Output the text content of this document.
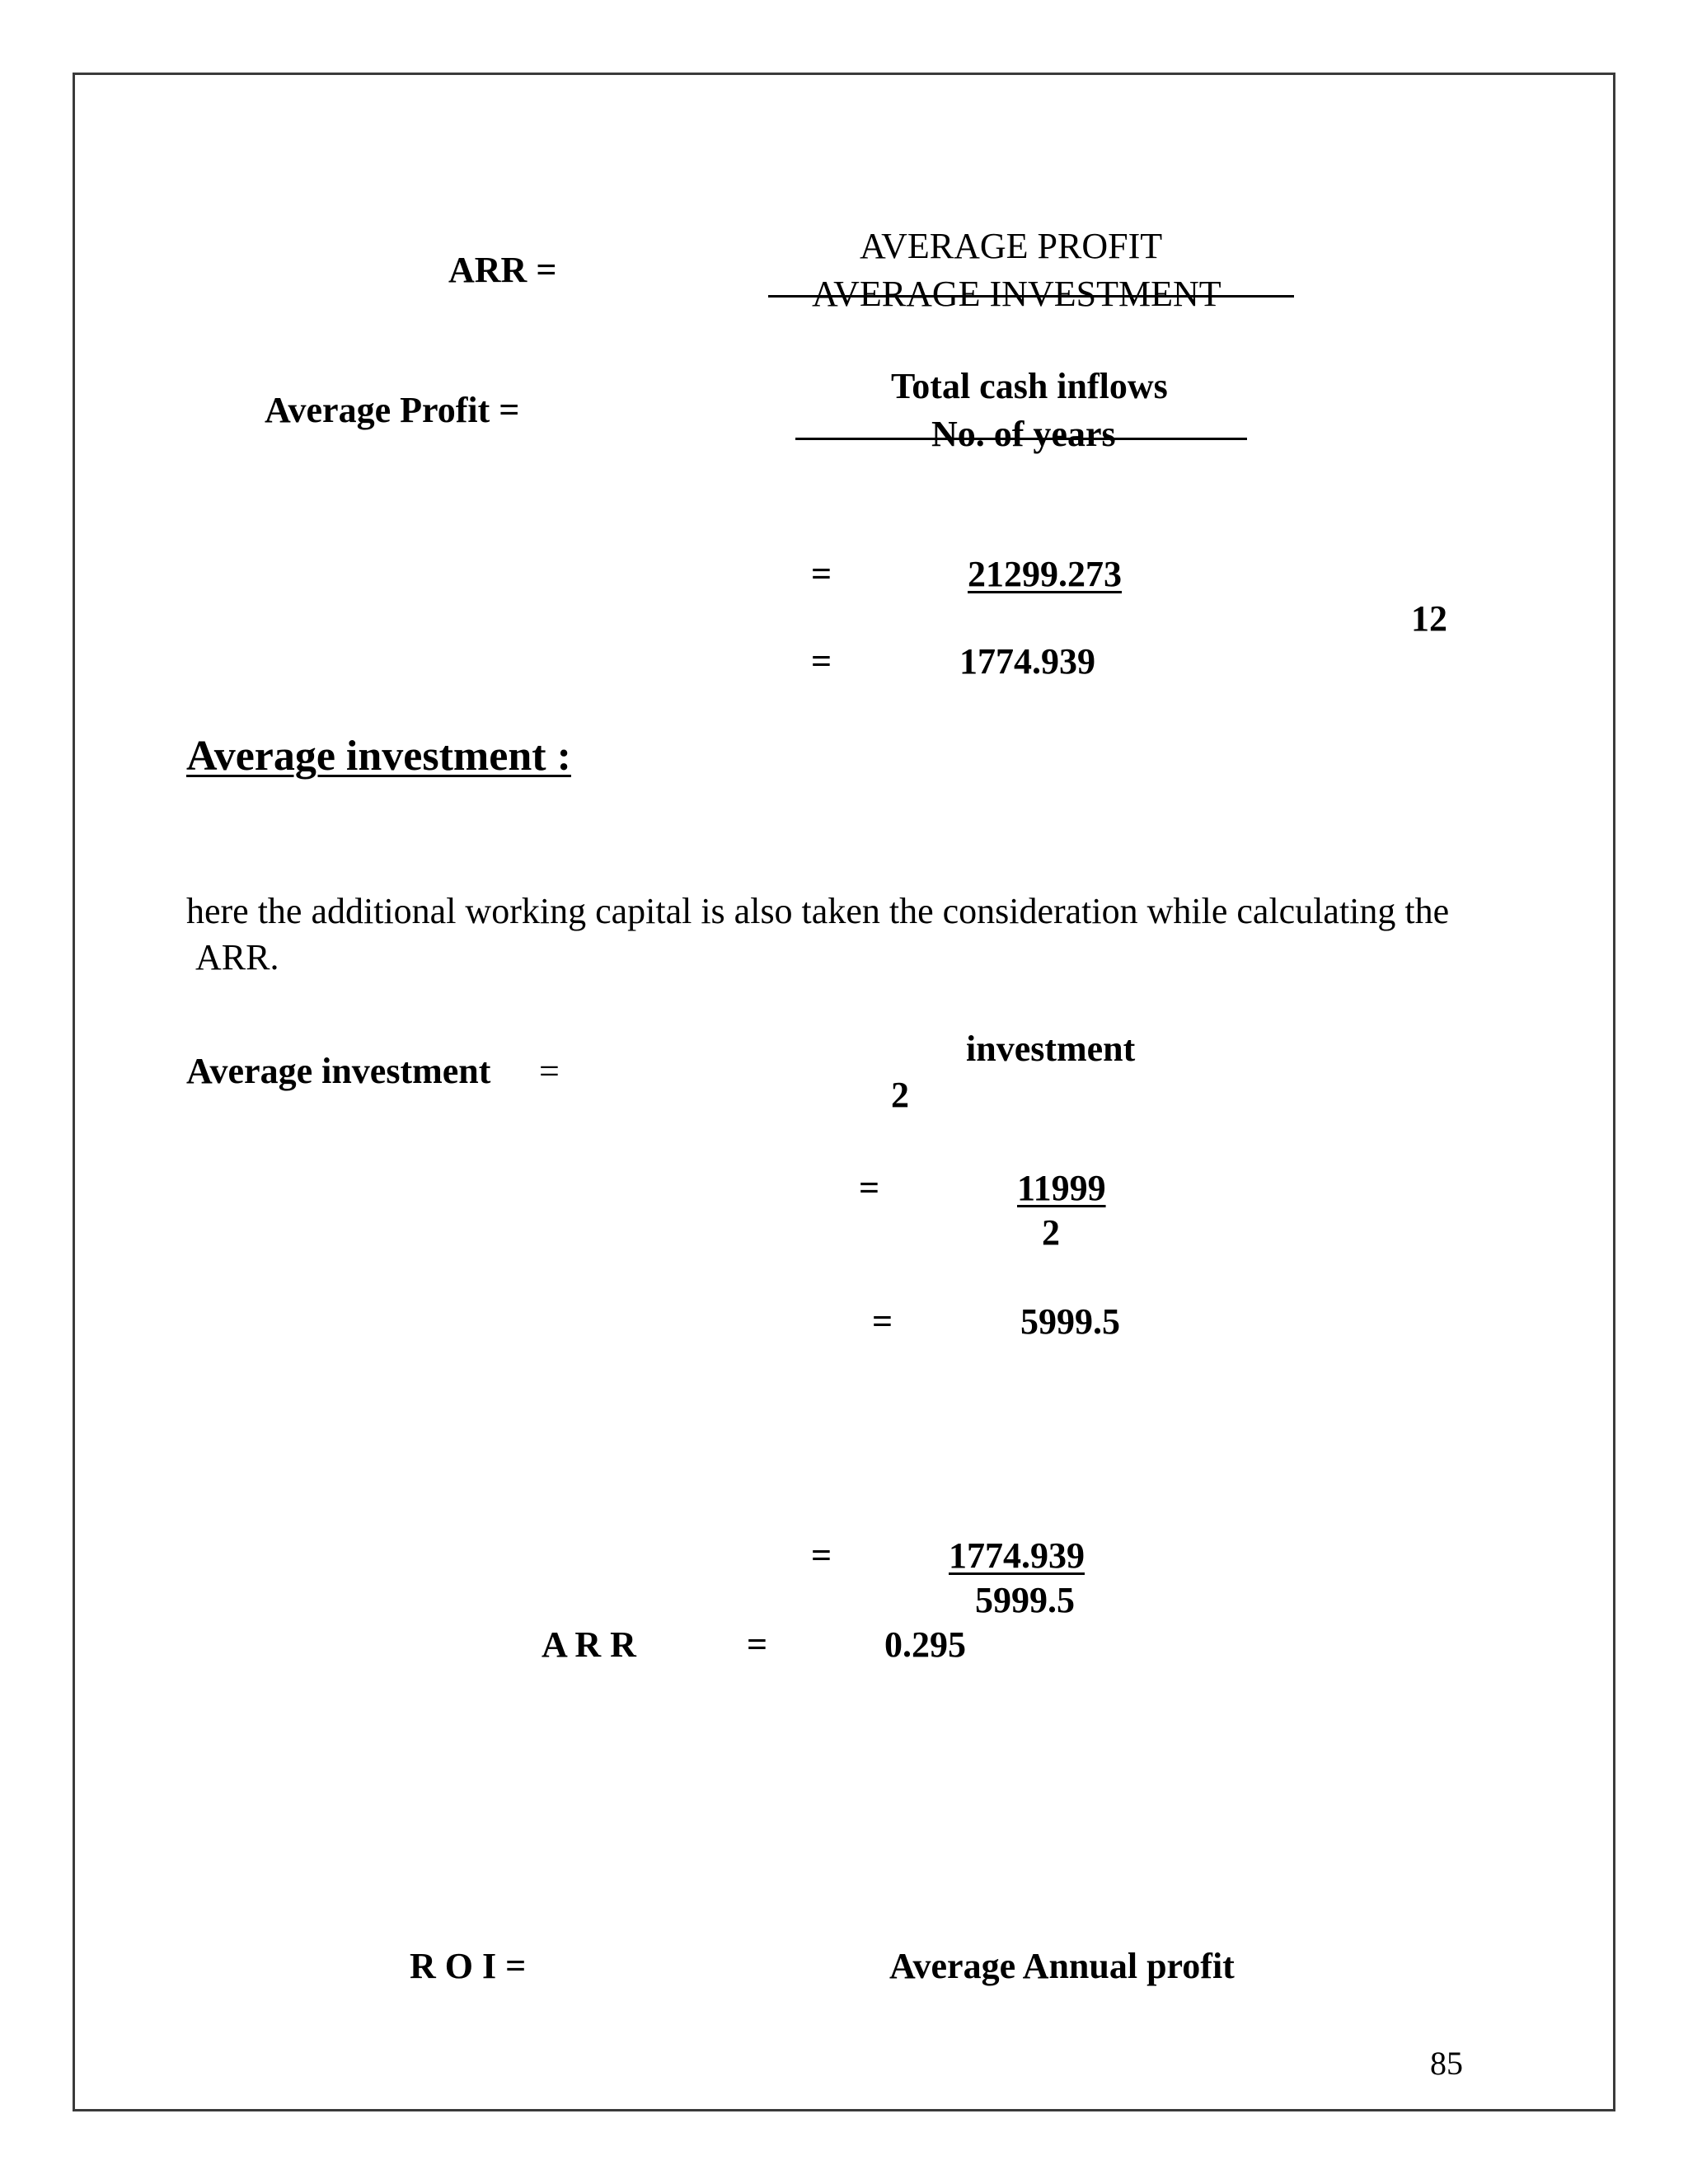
ARR =
AVERAGE PROFIT
AVERAGE INVESTMENT
Average Profit =
Total cash inflows
No. of years
=	21299.273
12
=	1774.939
Average investment :
here the additional working capital is also taken the consideration while calculating the
ARR.
Average investment =
investment
2
=	11999
2
=	5999.5
=	1774.939
5999.5
A R R	=	0.295
R O I =	Average Annual profit
85
